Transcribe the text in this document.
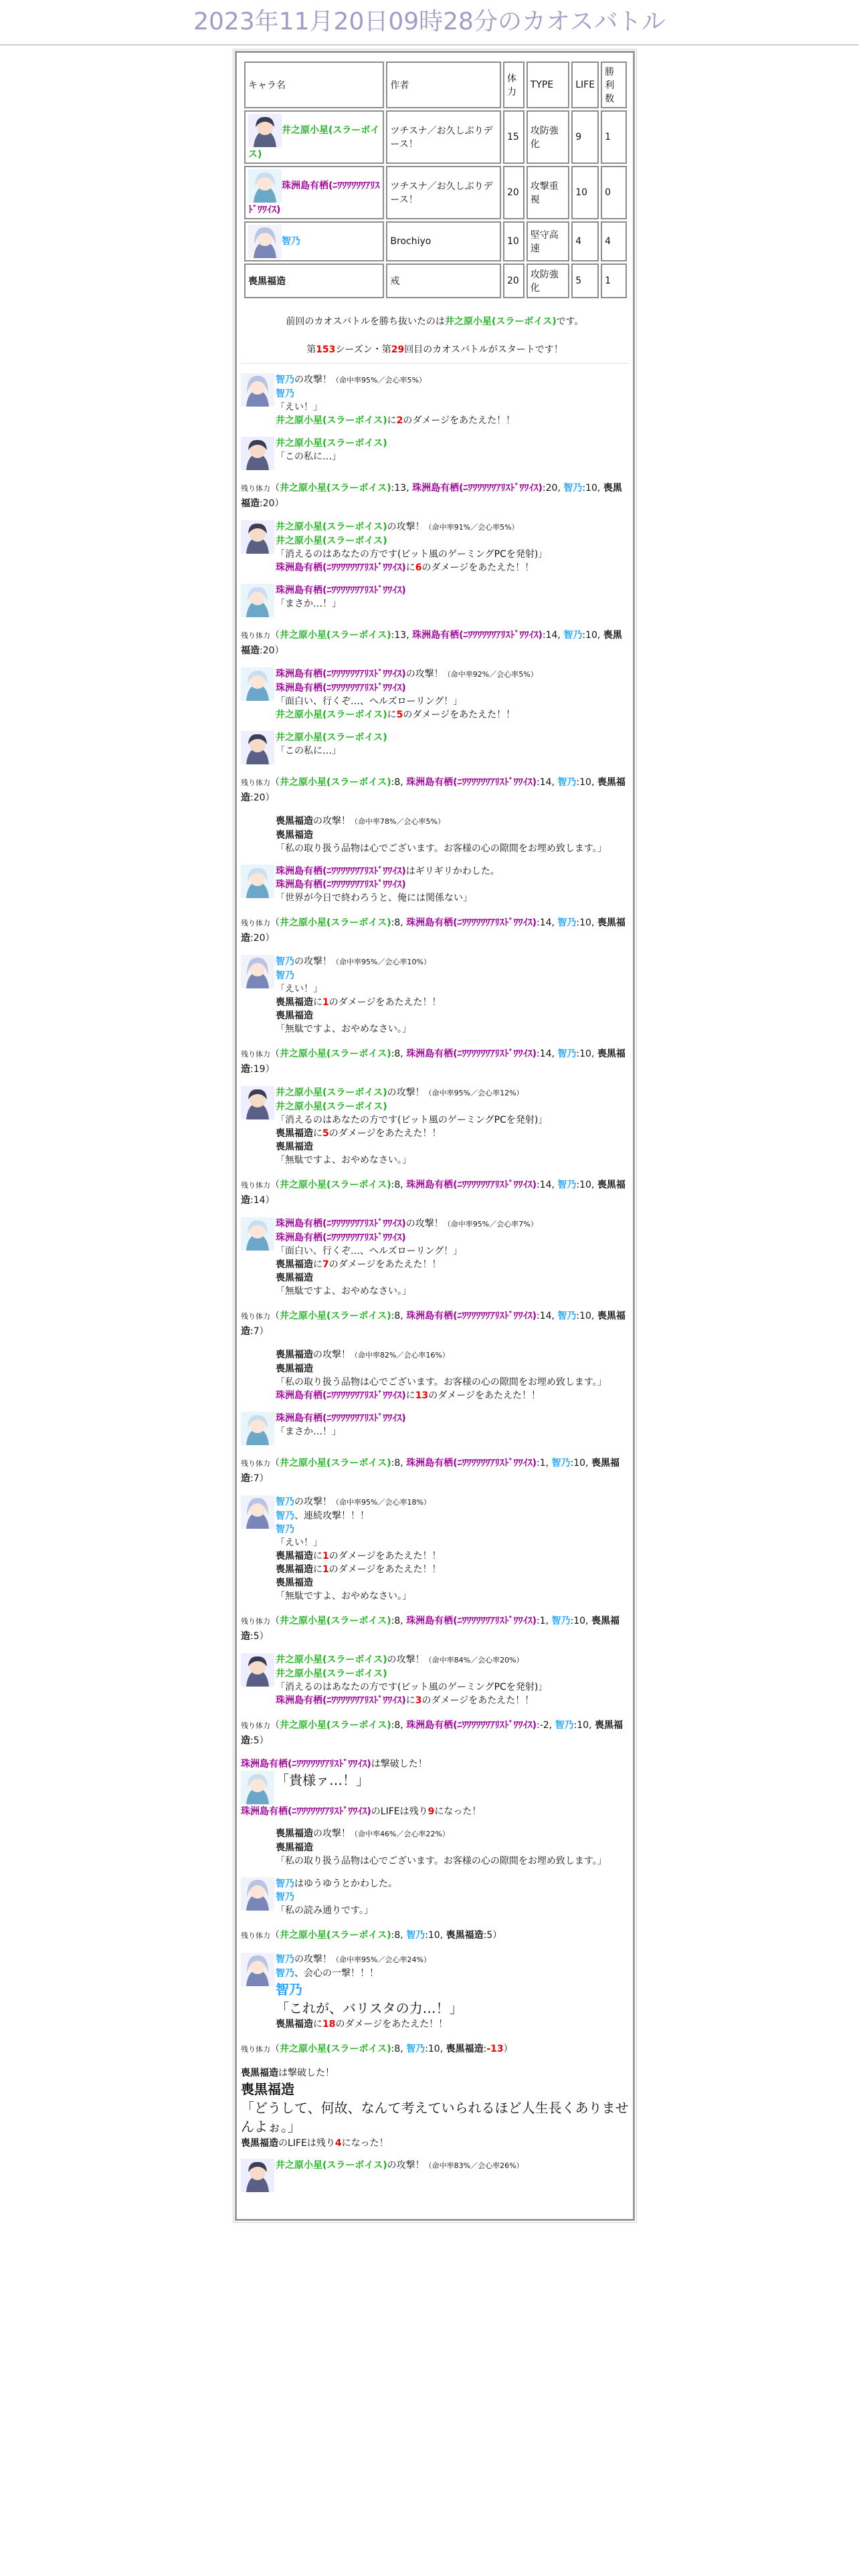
2023年11月20日09時28分のカオスバトル
キャラ名	作者	体力	TYPE	LIFE	勝利数
井之原小星(スラーボイス)	ツチスナ／お久しぶりデース！	15	攻防強化	9	1
珠洲島有栖(ﾆﾜﾜﾜﾜﾜﾜｱﾘｽﾄﾞﾜﾜｲｽ)	ツチスナ／お久しぶりデース！	20	攻撃重視	10	0
智乃	Brochiyo	10	堅守高速	4	4
喪黒福造	戒	20	攻防強化	5	1
前回のカオスバトルを勝ち抜いたのは井之原小星(スラーボイス)です。
第153シーズン・第29回目のカオスバトルがスタートです！
智乃の攻撃！（命中率95%／会心率5%）
智乃
「えい！」
井之原小星(スラーボイス)に2のダメージをあたえた！！
井之原小星(スラーボイス)
「この私に…」
残り体力（井之原小星(スラーボイス):13, 珠洲島有栖(ﾆﾜﾜﾜﾜﾜﾜｱﾘｽﾄﾞﾜﾜｲｽ):20, 智乃:10, 喪黒福造:20）
井之原小星(スラーボイス)の攻撃！（命中率91%／会心率5%）
井之原小星(スラーボイス)
「消えるのはあなたの方です(ビット風のゲーミングPCを発射)」
珠洲島有栖(ﾆﾜﾜﾜﾜﾜﾜｱﾘｽﾄﾞﾜﾜｲｽ)に6のダメージをあたえた！！
珠洲島有栖(ﾆﾜﾜﾜﾜﾜﾜｱﾘｽﾄﾞﾜﾜｲｽ)
「まさか…！」
残り体力（井之原小星(スラーボイス):13, 珠洲島有栖(ﾆﾜﾜﾜﾜﾜﾜｱﾘｽﾄﾞﾜﾜｲｽ):14, 智乃:10, 喪黒福造:20）
珠洲島有栖(ﾆﾜﾜﾜﾜﾜﾜｱﾘｽﾄﾞﾜﾜｲｽ)の攻撃！（命中率92%／会心率5%）
珠洲島有栖(ﾆﾜﾜﾜﾜﾜﾜｱﾘｽﾄﾞﾜﾜｲｽ)
「面白い、行くぞ…、ヘルズローリング！」
井之原小星(スラーボイス)に5のダメージをあたえた！！
井之原小星(スラーボイス)
「この私に…」
残り体力（井之原小星(スラーボイス):8, 珠洲島有栖(ﾆﾜﾜﾜﾜﾜﾜｱﾘｽﾄﾞﾜﾜｲｽ):14, 智乃:10, 喪黒福造:20）
喪黒福造の攻撃！（命中率78%／会心率5%）
喪黒福造
「私の取り扱う品物は心でございます。お客様の心の隙間をお埋め致します。」
珠洲島有栖(ﾆﾜﾜﾜﾜﾜﾜｱﾘｽﾄﾞﾜﾜｲｽ)はギリギリかわした。
珠洲島有栖(ﾆﾜﾜﾜﾜﾜﾜｱﾘｽﾄﾞﾜﾜｲｽ)
「世界が今日で終わろうと、俺には関係ない」
残り体力（井之原小星(スラーボイス):8, 珠洲島有栖(ﾆﾜﾜﾜﾜﾜﾜｱﾘｽﾄﾞﾜﾜｲｽ):14, 智乃:10, 喪黒福造:20）
智乃の攻撃！（命中率95%／会心率10%）
智乃
「えい！」
喪黒福造に1のダメージをあたえた！！
喪黒福造
「無駄ですよ、おやめなさい。」
残り体力（井之原小星(スラーボイス):8, 珠洲島有栖(ﾆﾜﾜﾜﾜﾜﾜｱﾘｽﾄﾞﾜﾜｲｽ):14, 智乃:10, 喪黒福造:19）
井之原小星(スラーボイス)の攻撃！（命中率95%／会心率12%）
井之原小星(スラーボイス)
「消えるのはあなたの方です(ビット風のゲーミングPCを発射)」
喪黒福造に5のダメージをあたえた！！
喪黒福造
「無駄ですよ、おやめなさい。」
残り体力（井之原小星(スラーボイス):8, 珠洲島有栖(ﾆﾜﾜﾜﾜﾜﾜｱﾘｽﾄﾞﾜﾜｲｽ):14, 智乃:10, 喪黒福造:14）
珠洲島有栖(ﾆﾜﾜﾜﾜﾜﾜｱﾘｽﾄﾞﾜﾜｲｽ)の攻撃！（命中率95%／会心率7%）
珠洲島有栖(ﾆﾜﾜﾜﾜﾜﾜｱﾘｽﾄﾞﾜﾜｲｽ)
「面白い、行くぞ…、ヘルズローリング！」
喪黒福造に7のダメージをあたえた！！
喪黒福造
「無駄ですよ、おやめなさい。」
残り体力（井之原小星(スラーボイス):8, 珠洲島有栖(ﾆﾜﾜﾜﾜﾜﾜｱﾘｽﾄﾞﾜﾜｲｽ):14, 智乃:10, 喪黒福造:7）
喪黒福造の攻撃！（命中率82%／会心率16%）
喪黒福造
「私の取り扱う品物は心でございます。お客様の心の隙間をお埋め致します。」
珠洲島有栖(ﾆﾜﾜﾜﾜﾜﾜｱﾘｽﾄﾞﾜﾜｲｽ)に13のダメージをあたえた！！
珠洲島有栖(ﾆﾜﾜﾜﾜﾜﾜｱﾘｽﾄﾞﾜﾜｲｽ)
「まさか…！」
残り体力（井之原小星(スラーボイス):8, 珠洲島有栖(ﾆﾜﾜﾜﾜﾜﾜｱﾘｽﾄﾞﾜﾜｲｽ):1, 智乃:10, 喪黒福造:7）
智乃の攻撃！（命中率95%／会心率18%）
智乃、連続攻撃！！！
智乃
「えい！」
喪黒福造に1のダメージをあたえた！！
喪黒福造に1のダメージをあたえた！！
喪黒福造
「無駄ですよ、おやめなさい。」
残り体力（井之原小星(スラーボイス):8, 珠洲島有栖(ﾆﾜﾜﾜﾜﾜﾜｱﾘｽﾄﾞﾜﾜｲｽ):1, 智乃:10, 喪黒福造:5）
井之原小星(スラーボイス)の攻撃！（命中率84%／会心率20%）
井之原小星(スラーボイス)
「消えるのはあなたの方です(ビット風のゲーミングPCを発射)」
珠洲島有栖(ﾆﾜﾜﾜﾜﾜﾜｱﾘｽﾄﾞﾜﾜｲｽ)に3のダメージをあたえた！！
残り体力（井之原小星(スラーボイス):8, 珠洲島有栖(ﾆﾜﾜﾜﾜﾜﾜｱﾘｽﾄﾞﾜﾜｲｽ):-2, 智乃:10, 喪黒福造:5）
珠洲島有栖(ﾆﾜﾜﾜﾜﾜﾜｱﾘｽﾄﾞﾜﾜｲｽ)は撃破した！
「貴様ァ…！」
珠洲島有栖(ﾆﾜﾜﾜﾜﾜﾜｱﾘｽﾄﾞﾜﾜｲｽ)のLIFEは残り9になった！
喪黒福造の攻撃！（命中率46%／会心率22%）
喪黒福造
「私の取り扱う品物は心でございます。お客様の心の隙間をお埋め致します。」
智乃はゆうゆうとかわした。
智乃
「私の読み通りです。」
残り体力（井之原小星(スラーボイス):8, 智乃:10, 喪黒福造:5）
智乃の攻撃！（命中率95%／会心率24%）
智乃、会心の一撃！！！
智乃
「これが、バリスタの力…！」
喪黒福造に18のダメージをあたえた！！
残り体力（井之原小星(スラーボイス):8, 智乃:10, 喪黒福造:-13）
喪黒福造は撃破した！
喪黒福造
「どうして、何故、なんて考えていられるほど人生長くありませんよぉ。」
喪黒福造のLIFEは残り4になった！
井之原小星(スラーボイス)の攻撃！（命中率83%／会心率26%）
